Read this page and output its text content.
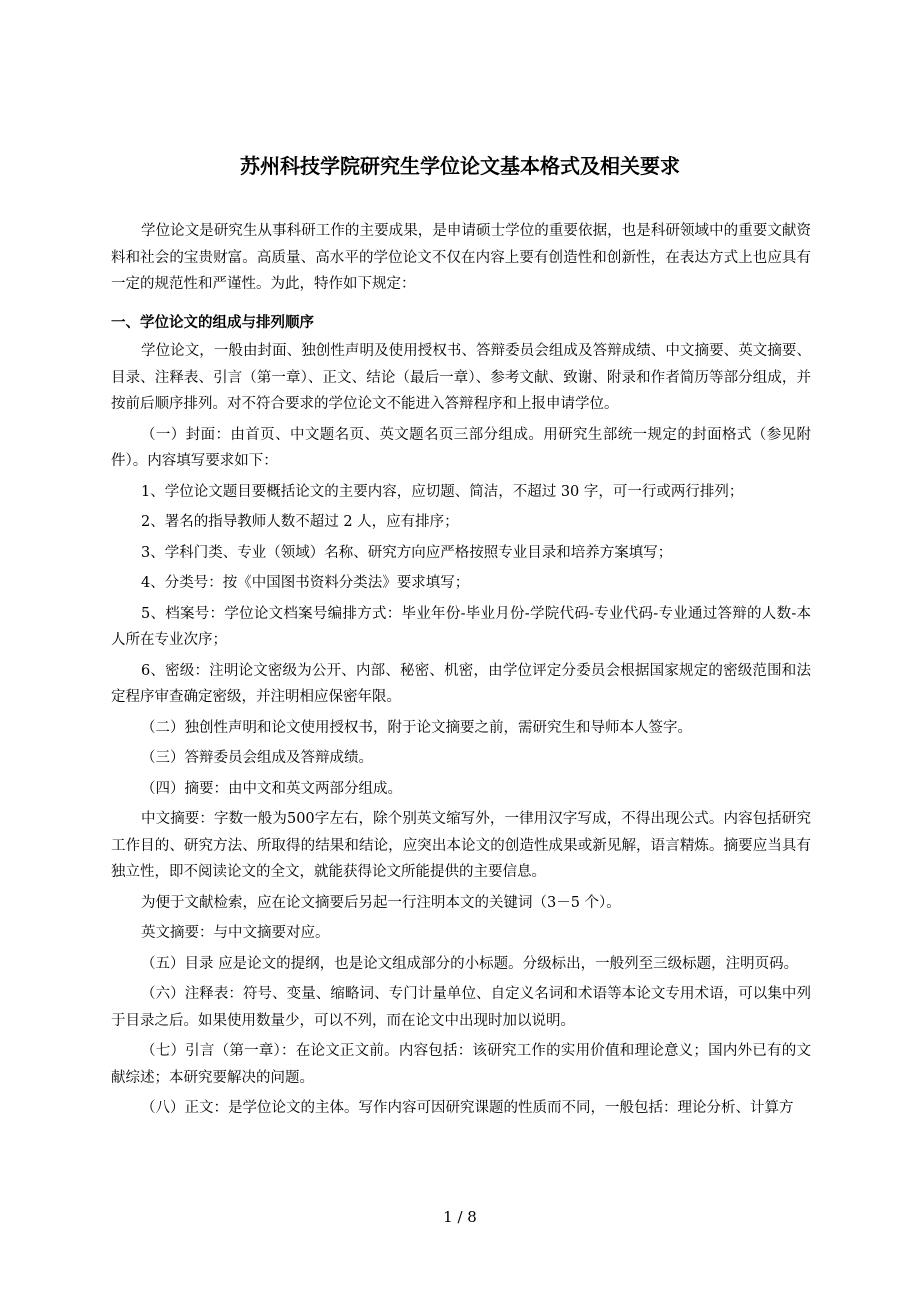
苏州科技学院研究生学位论文基本格式及相关要求

学位论文是研究生从事科研工作的主要成果，是申请硕士学位的重要依据，也是科研领域中的重要文献资料和社会的宝贵财富。高质量、高水平的学位论文不仅在内容上要有创造性和创新性，在表达方式上也应具有一定的规范性和严谨性。为此，特作如下规定：

一、学位论文的组成与排列顺序

学位论文，一般由封面、独创性声明及使用授权书、答辩委员会组成及答辩成绩、中文摘要、英文摘要、目录、注释表、引言（第一章）、正文、结论（最后一章）、参考文献、致谢、附录和作者简历等部分组成，并按前后顺序排列。对不符合要求的学位论文不能进入答辩程序和上报申请学位。

（一）封面：由首页、中文题名页、英文题名页三部分组成。用研究生部统一规定的封面格式（参见附件）。内容填写要求如下：

1、学位论文题目要概括论文的主要内容，应切题、简洁，不超过 30 字，可一行或两行排列；

2、署名的指导教师人数不超过 2 人，应有排序；

3、学科门类、专业（领域）名称、研究方向应严格按照专业目录和培养方案填写；

4、分类号：按《中国图书资料分类法》要求填写；

5、档案号：学位论文档案号编排方式：毕业年份-毕业月份-学院代码-专业代码-专业通过答辩的人数-本人所在专业次序；

6、密级：注明论文密级为公开、内部、秘密、机密，由学位评定分委员会根据国家规定的密级范围和法定程序审查确定密级，并注明相应保密年限。

（二）独创性声明和论文使用授权书，附于论文摘要之前，需研究生和导师本人签字。

（三）答辩委员会组成及答辩成绩。

（四）摘要：由中文和英文两部分组成。

中文摘要：字数一般为500字左右，除个别英文缩写外，一律用汉字写成，不得出现公式。内容包括研究工作目的、研究方法、所取得的结果和结论，应突出本论文的创造性成果或新见解，语言精炼。摘要应当具有独立性，即不阅读论文的全文，就能获得论文所能提供的主要信息。

为便于文献检索，应在论文摘要后另起一行注明本文的关键词（3－5 个）。

英文摘要：与中文摘要对应。

（五）目录 应是论文的提纲，也是论文组成部分的小标题。分级标出，一般列至三级标题，注明页码。

（六）注释表：符号、变量、缩略词、专门计量单位、自定义名词和术语等本论文专用术语，可以集中列于目录之后。如果使用数量少，可以不列，而在论文中出现时加以说明。

（七）引言（第一章）：在论文正文前。内容包括：该研究工作的实用价值和理论意义；国内外已有的文献综述；本研究要解决的问题。

（八）正文：是学位论文的主体。写作内容可因研究课题的性质而不同，一般包括：理论分析、计算方

1 / 8
